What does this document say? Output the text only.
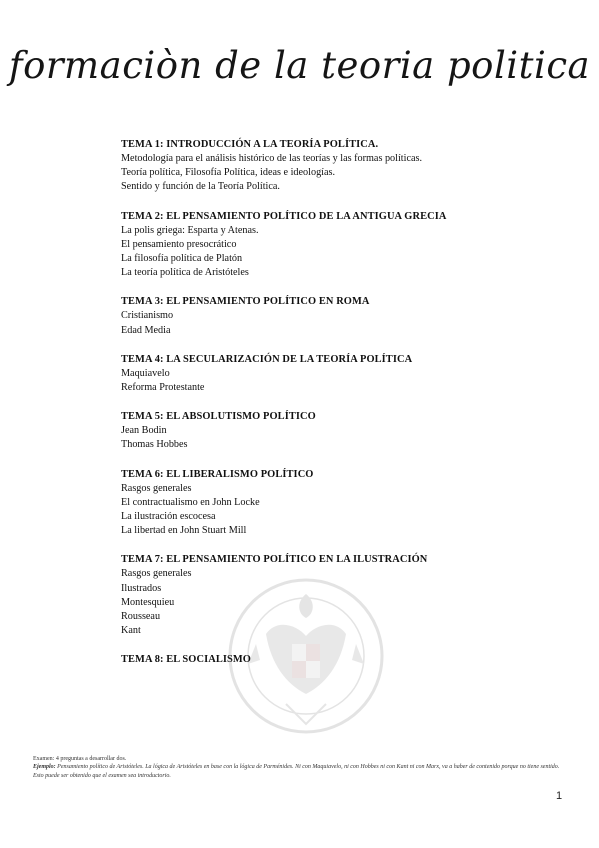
formaciòn de la teoria politica
TEMA 1: INTRODUCCIÓN A LA TEORÍA POLÍTICA.
Metodología para el análisis histórico de las teorías y las formas políticas.
Teoría política, Filosofía Política, ideas e ideologías.
Sentido y función de la Teoría Política.
TEMA 2: EL PENSAMIENTO POLÍTICO DE LA ANTIGUA GRECIA
La polis griega: Esparta y Atenas.
El pensamiento presocrático
La filosofía política de Platón
La teoría política de Aristóteles
TEMA 3: EL PENSAMIENTO POLÍTICO EN ROMA
Cristianismo
Edad Media
TEMA 4: LA SECULARIZACIÓN DE LA TEORÍA POLÍTICA
Maquiavelo
Reforma Protestante
TEMA 5: EL ABSOLUTISMO POLÍTICO
Jean Bodin
Thomas Hobbes
TEMA 6: EL LIBERALISMO POLÍTICO
Rasgos generales
El contractualismo en John Locke
La ilustración escocesa
La libertad en John Stuart Mill
TEMA 7: EL PENSAMIENTO POLÍTICO EN LA ILUSTRACIÓN
Rasgos generales
Ilustrados
Montesquieu
Rousseau
Kant
TEMA 8: EL SOCIALISMO
Examen: 4 preguntas a desarrollar dos.
Ejemplo: Pensamiento político de Aristóteles. La lógica de Aristóteles en base con la lógica de Parménides. Ni con Maquiavelo, ni con Hobbes ni con Kant ni con Marx, va a haber de contenido porque no tiene sentido. Esto puede ser obtenido que el examen sea introductorio.
1
